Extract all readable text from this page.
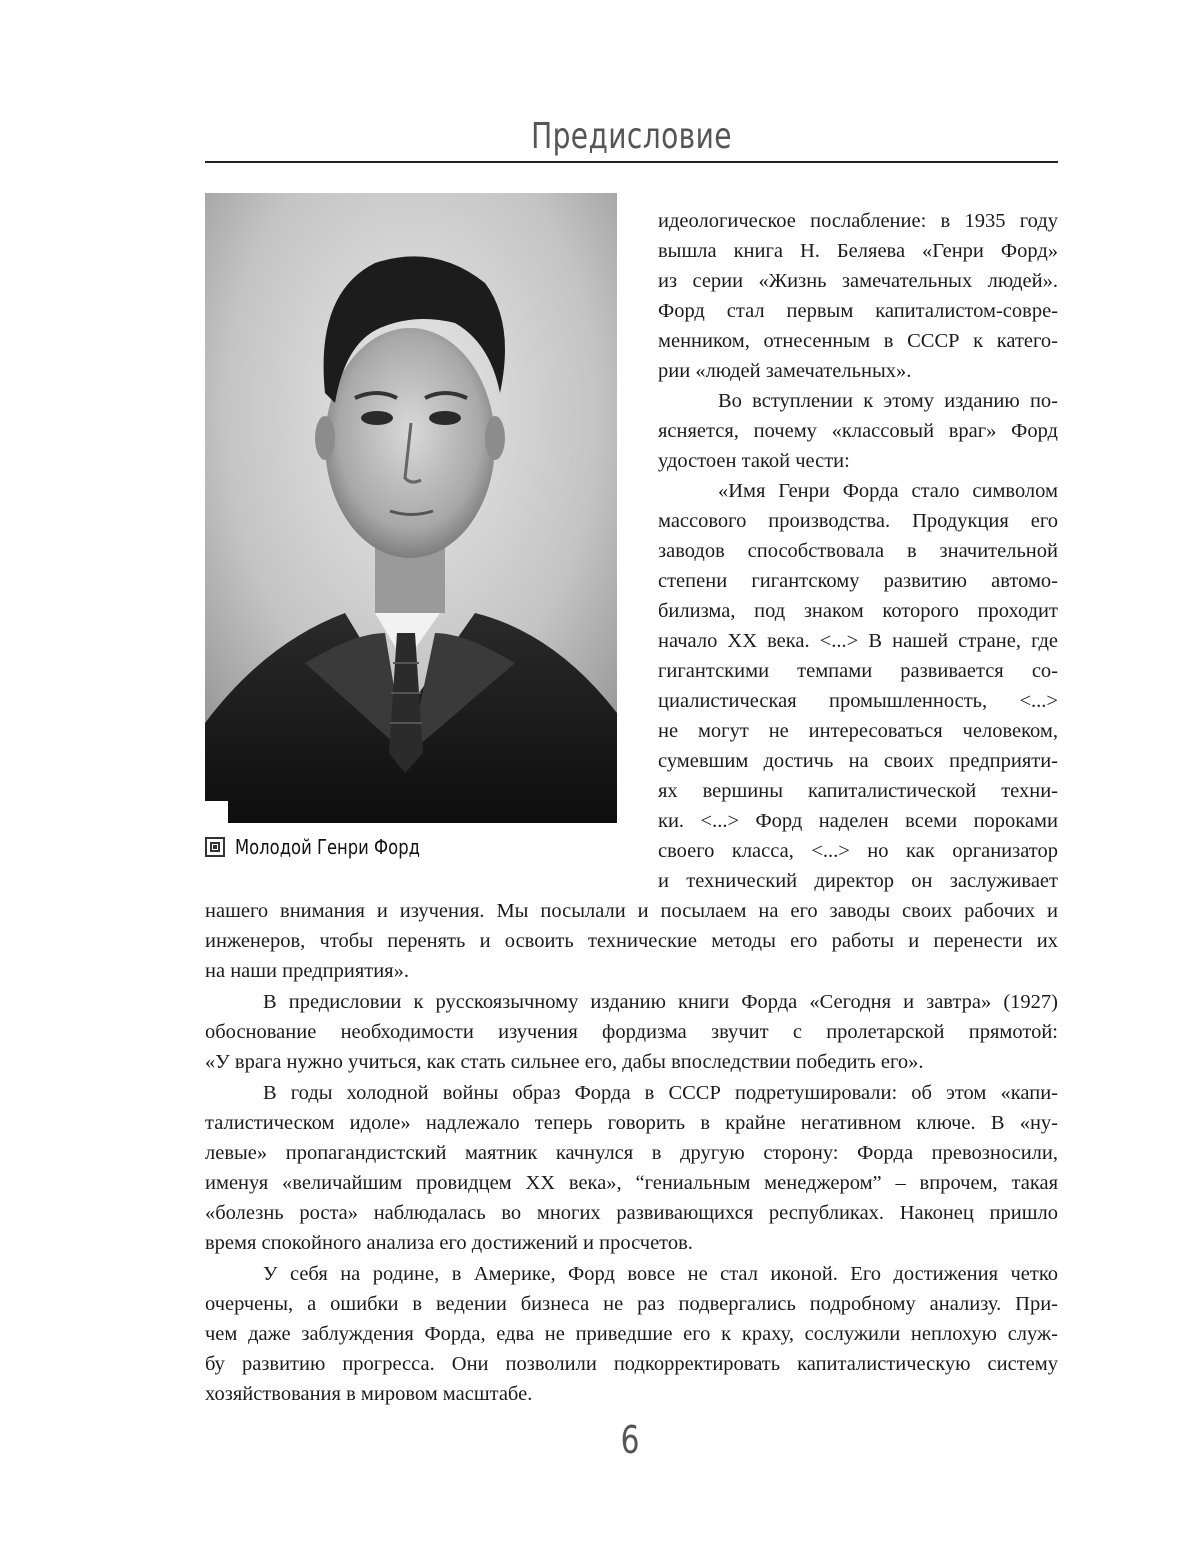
Предисловие
Молодой Генри Форд
идеологическое послабление: в 1935 году
вышла книга Н. Беляева «Генри Форд»
из серии «Жизнь замечательных людей».
Форд стал первым капиталистом-совре-
менником, отнесенным в СССР к катего-
рии «людей замечательных».
Во вступлении к этому изданию по-
ясняется, почему «классовый враг» Форд
удостоен такой чести:
«Имя Генри Форда стало символом
массового производства. Продукция его
заводов способствовала в значительной
степени гигантскому развитию автомо-
билизма, под знаком которого проходит
начало XX века. <...> В нашей стране, где
гигантскими темпами развивается со-
циалистическая промышленность, <...>
не могут не интересоваться человеком,
сумевшим достичь на своих предприяти-
ях вершины капиталистической техни-
ки. <...> Форд наделен всеми пороками
своего класса, <...> но как организатор
и технический директор он заслуживает
нашего внимания и изучения. Мы посылали и посылаем на его заводы своих рабочих и
инженеров, чтобы перенять и освоить технические методы его работы и перенести их
на наши предприятия».
В предисловии к русскоязычному изданию книги Форда «Сегодня и завтра» (1927)
обоснование необходимости изучения фордизма звучит с пролетарской прямотой:
«У врага нужно учиться, как стать сильнее его, дабы впоследствии победить его».
В годы холодной войны образ Форда в СССР подретушировали: об этом «капи-
талистическом идоле» надлежало теперь говорить в крайне негативном ключе. В «ну-
левые» пропагандистский маятник качнулся в другую сторону: Форда превозносили,
именуя «величайшим провидцем XX века», “гениальным менеджером” – впрочем, такая
«болезнь роста» наблюдалась во многих развивающихся республиках. Наконец пришло
время спокойного анализа его достижений и просчетов.
У себя на родине, в Америке, Форд вовсе не стал иконой. Его достижения четко
очерчены, а ошибки в ведении бизнеса не раз подвергались подробному анализу. При-
чем даже заблуждения Форда, едва не приведшие его к краху, сослужили неплохую служ-
бу развитию прогресса. Они позволили подкорректировать капиталистическую систему
хозяйствования в мировом масштабе.
6
